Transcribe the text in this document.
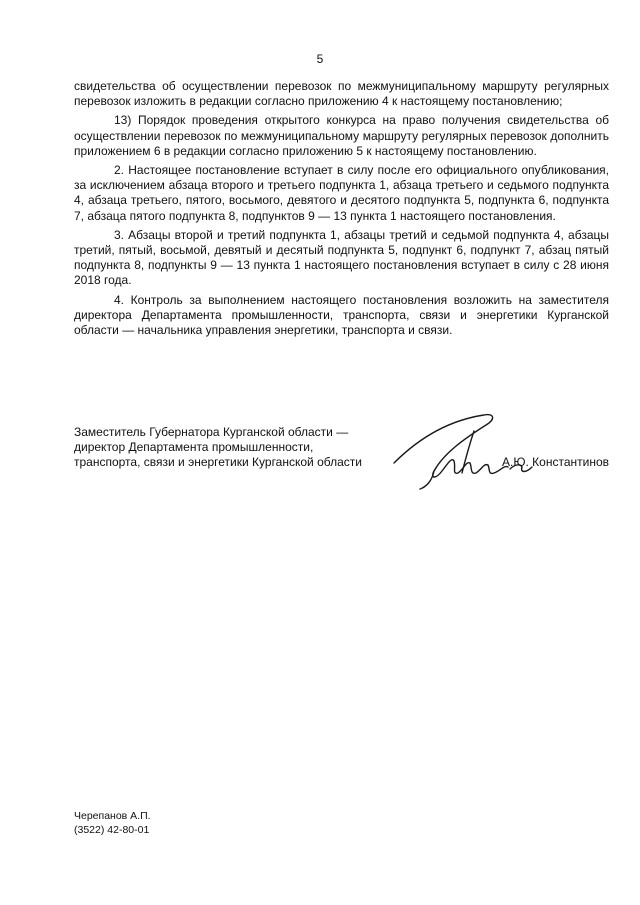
5

свидетельства об осуществлении перевозок по межмуниципальному маршруту регулярных перевозок изложить в редакции согласно приложению 4 к настоящему постановлению;

13) Порядок проведения открытого конкурса на право получения свидетельства об осуществлении перевозок по межмуниципальному маршруту регулярных перевозок дополнить приложением 6 в редакции согласно приложению 5 к настоящему постановлению.

2. Настоящее постановление вступает в силу после его официального опубликования, за исключением абзаца второго и третьего подпункта 1, абзаца третьего и седьмого подпункта 4, абзаца третьего, пятого, восьмого, девятого и десятого подпункта 5, подпункта 6, подпункта 7, абзаца пятого подпункта 8, подпунктов 9 — 13 пункта 1 настоящего постановления.

3. Абзацы второй и третий подпункта 1, абзацы третий и седьмой подпункта 4, абзацы третий, пятый, восьмой, девятый и десятый подпункта 5, подпункт 6, подпункт 7, абзац пятый подпункта 8, подпункты 9 — 13 пункта 1 настоящего постановления вступает в силу с 28 июня 2018 года.

4. Контроль за выполнением настоящего постановления возложить на заместителя директора Департамента промышленности, транспорта, связи и энергетики Курганской области — начальника управления энергетики, транспорта и связи.

Заместитель Губернатора Курганской области —
директор Департамента промышленности,
транспорта, связи и энергетики Курганской области	А.Ю. Константинов
Черепанов А.П.
(3522) 42-80-01
